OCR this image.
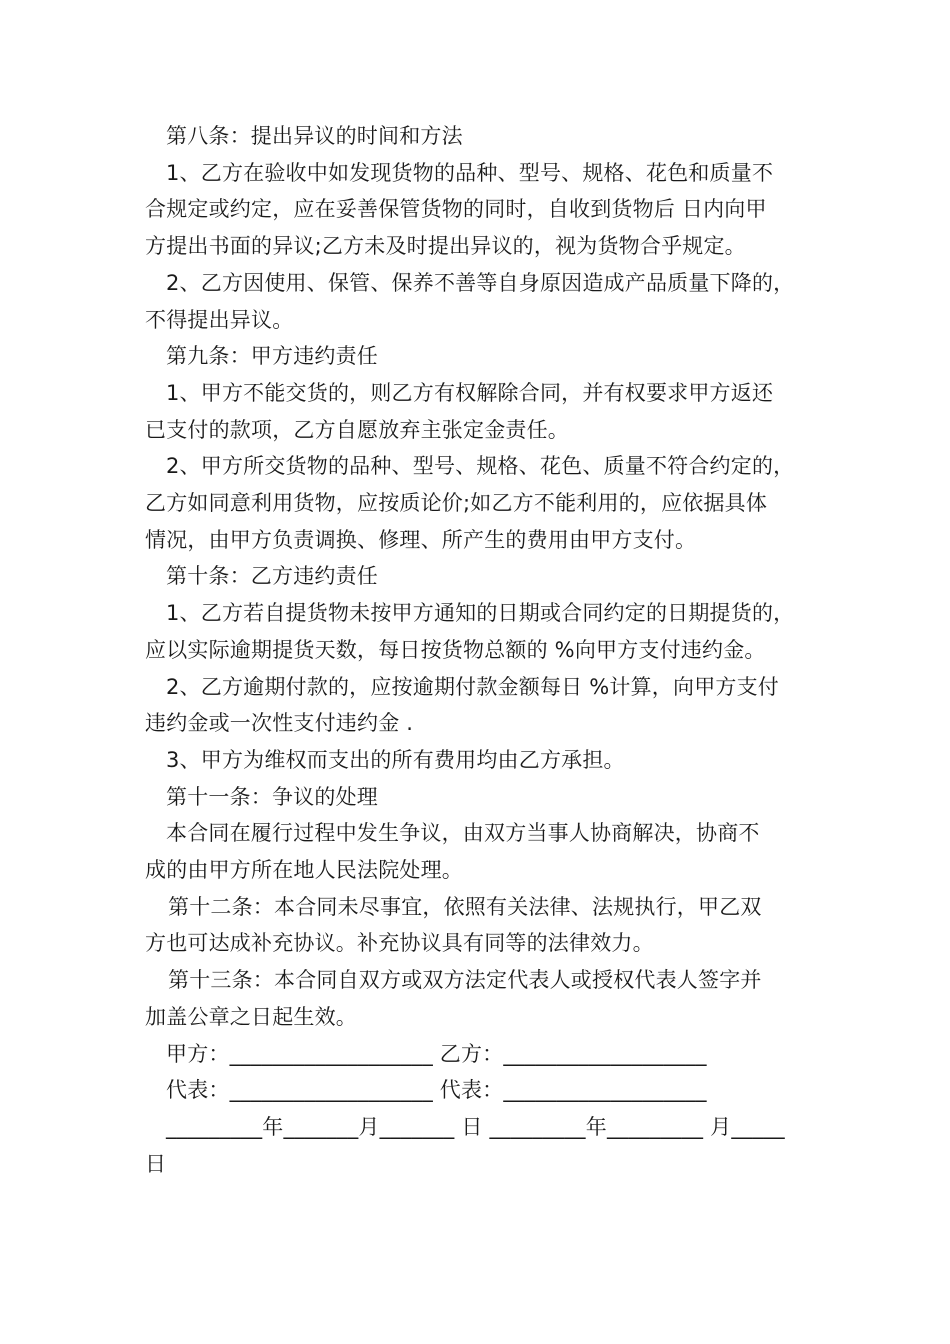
第八条：提出异议的时间和方法
1、乙方在验收中如发现货物的品种、型号、规格、花色和质量不
合规定或约定，应在妥善保管货物的同时，自收到货物后 日内向甲
方提出书面的异议;乙方未及时提出异议的，视为货物合乎规定。
2、乙方因使用、保管、保养不善等自身原因造成产品质量下降的，
不得提出异议。
第九条：甲方违约责任
1、甲方不能交货的，则乙方有权解除合同，并有权要求甲方返还
已支付的款项，乙方自愿放弃主张定金责任。
2、甲方所交货物的品种、型号、规格、花色、质量不符合约定的，
乙方如同意利用货物，应按质论价;如乙方不能利用的，应依据具体
情况，由甲方负责调换、修理、所产生的费用由甲方支付。
第十条：乙方违约责任
1、乙方若自提货物未按甲方通知的日期或合同约定的日期提货的，
应以实际逾期提货天数，每日按货物总额的 %向甲方支付违约金。
2、乙方逾期付款的，应按逾期付款金额每日 %计算，向甲方支付
违约金或一次性支付违约金 .
3、甲方为维权而支出的所有费用均由乙方承担。
第十一条：争议的处理
本合同在履行过程中发生争议，由双方当事人协商解决，协商不
成的由甲方所在地人民法院处理。
第十二条：本合同未尽事宜，依照有关法律、法规执行，甲乙双
方也可达成补充协议。补充协议具有同等的法律效力。
第十三条：本合同自双方或双方法定代表人或授权代表人签字并
加盖公章之日起生效。
甲方：___________________ 乙方：___________________
代表：___________________ 代表：___________________
_________年_______月_______ 日 _________年_________ 月_____
日
